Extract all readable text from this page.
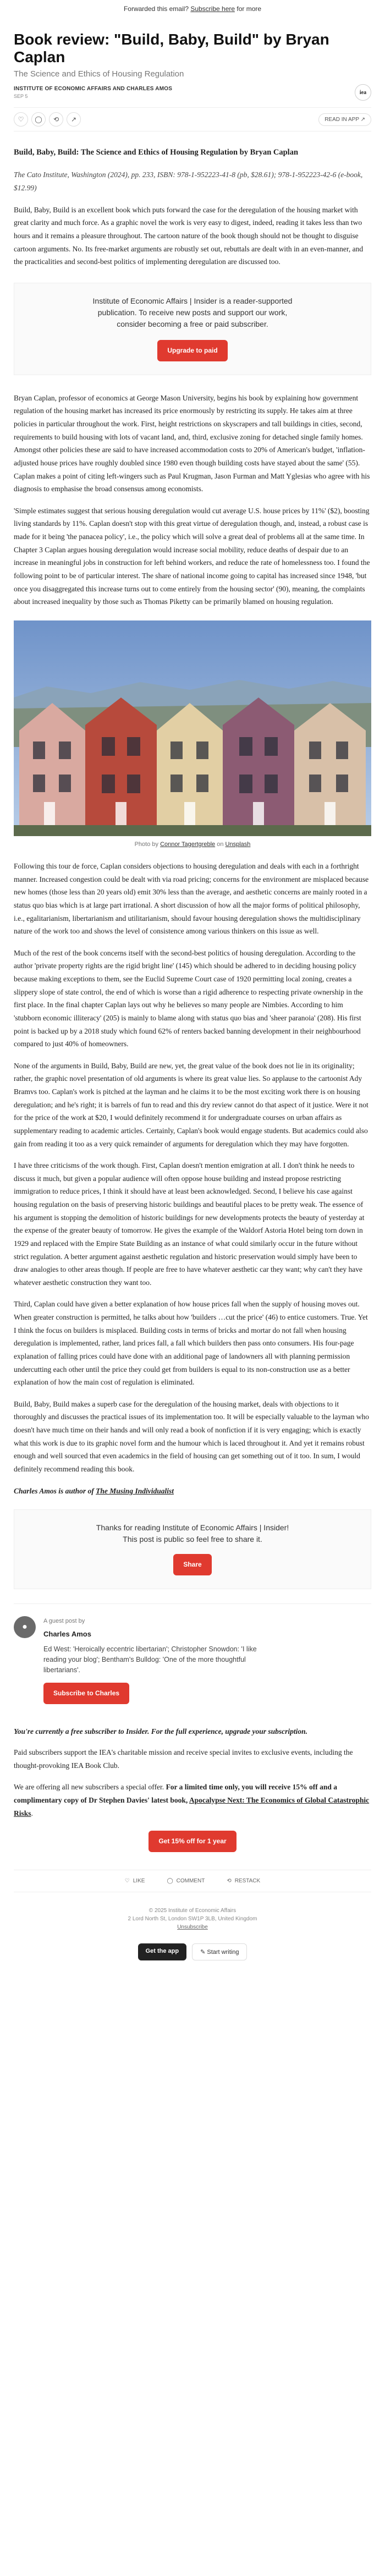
Forwarded this email? Subscribe here for more
Book review: "Build, Baby, Build" by Bryan Caplan
The Science and Ethics of Housing Regulation
INSTITUTE OF ECONOMIC AFFAIRS AND CHARLES AMOS
SEP 5
iea
♡	◯	⟲	↗	READ IN APP ↗

Build, Baby, Build: The Science and Ethics of Housing Regulation by Bryan Caplan

The Cato Institute, Washington (2024), pp. 233, ISBN: 978-1-952223-41-8 (pb, $28.61); 978-1-952223-42-6 (e-book, $12.99)

Build, Baby, Build is an excellent book which puts forward the case for the deregulation of the housing market with great clarity and much force. As a graphic novel the work is very easy to digest, indeed, reading it takes less than two hours and it remains a pleasure throughout. The cartoon nature of the book though should not be thought to disguise cartoon arguments. No. Its free-market arguments are robustly set out, rebuttals are dealt with in an even-manner, and the practicalities and second-best politics of implementing deregulation are discussed too.

Institute of Economic Affairs | Insider is a reader-supported publication. To receive new posts and support our work, consider becoming a free or paid subscriber.
Upgrade to paid

Bryan Caplan, professor of economics at George Mason University, begins his book by explaining how government regulation of the housing market has increased its price enormously by restricting its supply. He takes aim at three policies in particular throughout the work. First, height restrictions on skyscrapers and tall buildings in cities, second, requirements to build housing with lots of vacant land, and, third, exclusive zoning for detached single family homes. Amongst other policies these are said to have increased accommodation costs to 20% of American's budget, 'inflation-adjusted house prices have roughly doubled since 1980 even though building costs have stayed about the same' (55). Caplan makes a point of citing left-wingers such as Paul Krugman, Jason Furman and Matt Yglesias who agree with his diagnosis to emphasise the broad consensus among economists.

'Simple estimates suggest that serious housing deregulation would cut average U.S. house prices by 11%' ($2), boosting living standards by 11%. Caplan doesn't stop with this great virtue of deregulation though, and, instead, a robust case is made for it being 'the panacea policy', i.e., the policy which will solve a great deal of problems all at the same time. In Chapter 3 Caplan argues housing deregulation would increase social mobility, reduce deaths of despair due to an increase in meaningful jobs in construction for left behind workers, and reduce the rate of homelessness too. I found the following point to be of particular interest. The share of national income going to capital has increased since 1948, 'but once you disaggregated this increase turns out to come entirely from the housing sector' (90), meaning, the complaints about increased inequality by those such as Thomas Piketty can be primarily blamed on housing regulation.

Photo by Connor Tagertgreble on Unsplash

Following this tour de force, Caplan considers objections to housing deregulation and deals with each in a forthright manner. Increased congestion could be dealt with via road pricing; concerns for the environment are misplaced because new homes (those less than 20 years old) emit 30% less than the average, and aesthetic concerns are mainly rooted in a status quo bias which is at large part irrational. A short discussion of how all the major forms of political philosophy, i.e., egalitarianism, libertarianism and utilitarianism, should favour housing deregulation shows the multidisciplinary nature of the work too and shows the level of consistence among various thinkers on this issue as well.

Much of the rest of the book concerns itself with the second-best politics of housing deregulation. According to the author 'private property rights are the rigid bright line' (145) which should be adhered to in deciding housing policy because making exceptions to them, see the Euclid Supreme Court case of 1920 permitting local zoning, creates a slippery slope of state control, the end of which is worse than a rigid adherence to respecting private ownership in the first place. In the final chapter Caplan lays out why he believes so many people are Nimbies. According to him 'stubborn economic illiteracy' (205) is mainly to blame along with status quo bias and 'sheer paranoia' (208). His first point is backed up by a 2018 study which found 62% of renters backed banning development in their neighbourhood compared to just 40% of homeowners.

None of the arguments in Build, Baby, Build are new, yet, the great value of the book does not lie in its originality; rather, the graphic novel presentation of old arguments is where its great value lies. So applause to the cartoonist Ady Bramvs too. Caplan's work is pitched at the layman and he claims it to be the most exciting work there is on housing deregulation; and he's right; it is barrels of fun to read and this dry review cannot do that aspect of it justice. Were it not for the price of the work at $20, I would definitely recommend it for undergraduate courses on urban affairs as supplementary reading to academic articles. Certainly, Caplan's book would engage students. But academics could also gain from reading it too as a very quick remainder of arguments for deregulation which they may have forgotten.

I have three criticisms of the work though. First, Caplan doesn't mention emigration at all. I don't think he needs to discuss it much, but given a popular audience will often oppose house building and instead propose restricting immigration to reduce prices, I think it should have at least been acknowledged. Second, I believe his case against housing regulation on the basis of preserving historic buildings and beautiful places to be pretty weak. The essence of his argument is stopping the demolition of historic buildings for new developments protects the beauty of yesterday at the expense of the greater beauty of tomorrow. He gives the example of the Waldorf Astoria Hotel being torn down in 1929 and replaced with the Empire State Building as an instance of what could similarly occur in the future without strict regulation. A better argument against aesthetic regulation and historic preservation would simply have been to draw analogies to other areas though. If people are free to have whatever aesthetic car they want; why can't they have whatever aesthetic construction they want too.

Third, Caplan could have given a better explanation of how house prices fall when the supply of housing moves out. When greater construction is permitted, he talks about how 'builders …cut the price' (46) to entice customers. True. Yet I think the focus on builders is misplaced. Building costs in terms of bricks and mortar do not fall when housing deregulation is implemented, rather, land prices fall, a fall which builders then pass onto consumers. His four-page explanation of falling prices could have done with an additional page of landowners all with planning permission undercutting each other until the price they could get from builders is equal to its non-construction use as a better explanation of how the main cost of regulation is eliminated.

Build, Baby, Build makes a superb case for the deregulation of the housing market, deals with objections to it thoroughly and discusses the practical issues of its implementation too. It will be especially valuable to the layman who doesn't have much time on their hands and will only read a book of nonfiction if it is very engaging; which is exactly what this work is due to its graphic novel form and the humour which is laced throughout it. And yet it remains robust enough and well sourced that even academics in the field of housing can get something out of it too. In sum, I would definitely recommend reading this book.

Charles Amos is author of The Musing Individualist

Thanks for reading Institute of Economic Affairs | Insider! This post is public so feel free to share it.
Share
●
A guest post by
Charles Amos
Ed West: 'Heroically eccentric libertarian'; Christopher Snowdon: 'I like reading your blog'; Bentham's Bulldog: 'One of the more thoughtful libertarians'.
Subscribe to Charles
You're currently a free subscriber to Insider. For the full experience, upgrade your subscription.
Paid subscribers support the IEA's charitable mission and receive special invites to exclusive events, including the thought-provoking IEA Book Club.
We are offering all new subscribers a special offer. For a limited time only, you will receive 15% off and a complimentary copy of Dr Stephen Davies' latest book, Apocalypse Next: The Economics of Global Catastrophic Risks.
Get 15% off for 1 year
♡ LIKE	◯ COMMENT	⟲ RESTACK
© 2025 Institute of Economic Affairs
2 Lord North St, London SW1P 3LB, United Kingdom
Unsubscribe
Get the app	✎ Start writing
